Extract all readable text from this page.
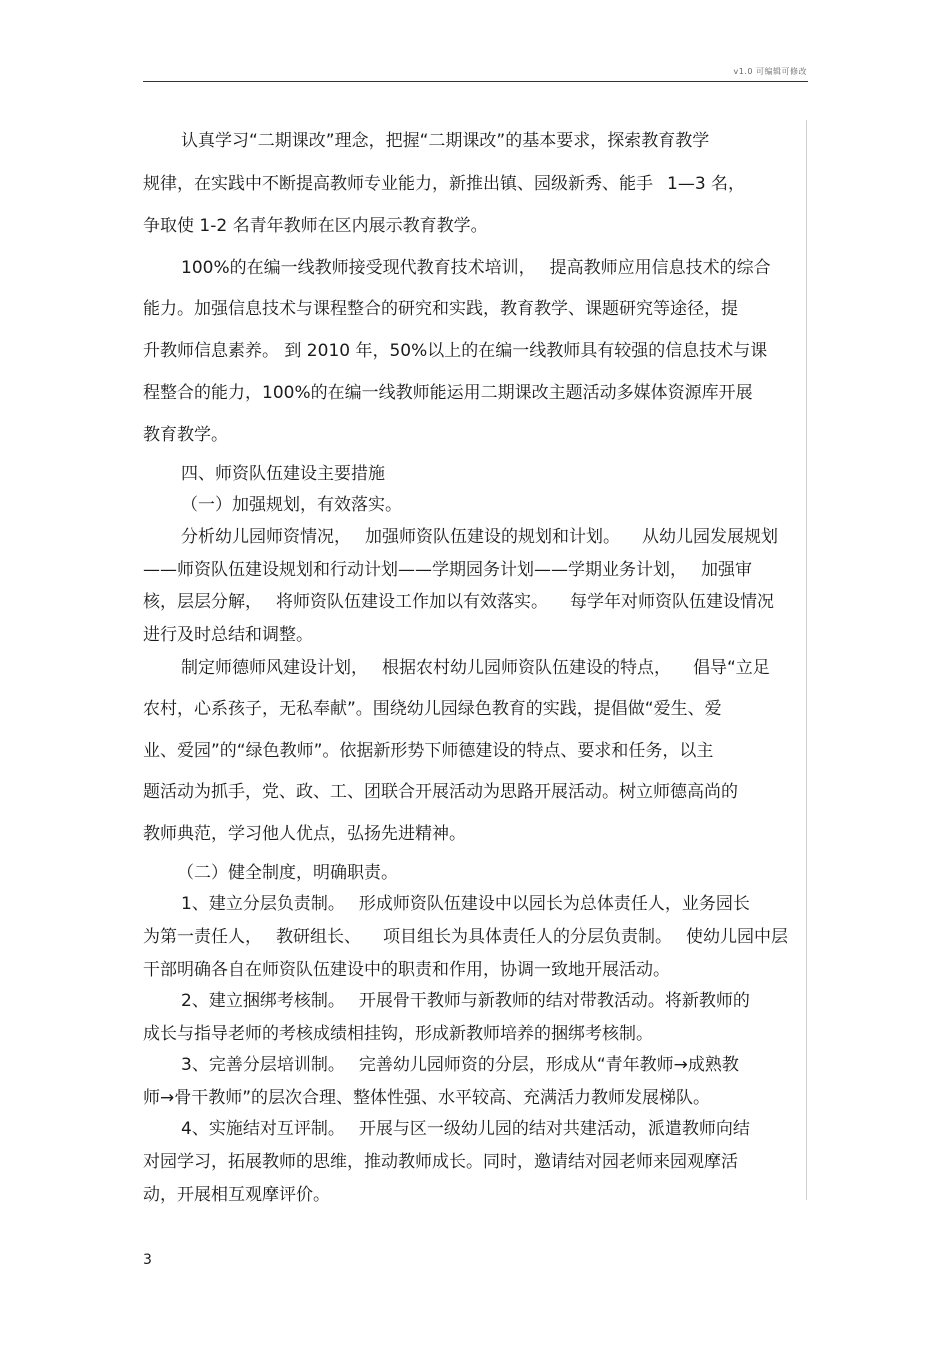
v1.0 可编辑可修改
认真学习“二期课改”理念，把握“二期课改”的基本要求，探索教育教学
规律，在实践中不断提高教师专业能力，新推出镇、园级新秀、能手 1—3 名，
争取使 1-2 名青年教师在区内展示教育教学。
100%的在编一线教师接受现代教育技术培训， 提高教师应用信息技术的综合
能力。加强信息技术与课程整合的研究和实践，教育教学、课题研究等途径，提
升教师信息素养。 到 2010 年，50%以上的在编一线教师具有较强的信息技术与课
程整合的能力，100%的在编一线教师能运用二期课改主题活动多媒体资源库开展
教育教学。
四、师资队伍建设主要措施
（一）加强规划，有效落实。
分析幼儿园师资情况， 加强师资队伍建设的规划和计划。 从幼儿园发展规划
——师资队伍建设规划和行动计划——学期园务计划——学期业务计划， 加强审
核，层层分解， 将师资队伍建设工作加以有效落实。 每学年对师资队伍建设情况
进行及时总结和调整。
制定师德师风建设计划， 根据农村幼儿园师资队伍建设的特点， 倡导“立足
农村，心系孩子，无私奉献”。围绕幼儿园绿色教育的实践，提倡做“爱生、爱
业、爱园”的“绿色教师”。依据新形势下师德建设的特点、要求和任务，以主
题活动为抓手，党、政、工、团联合开展活动为思路开展活动。树立师德高尚的
教师典范，学习他人优点，弘扬先进精神。
（二）健全制度，明确职责。
1、建立分层负责制。 形成师资队伍建设中以园长为总体责任人，业务园长
为第一责任人， 教研组长、 项目组长为具体责任人的分层负责制。 使幼儿园中层
干部明确各自在师资队伍建设中的职责和作用，协调一致地开展活动。
2、建立捆绑考核制。 开展骨干教师与新教师的结对带教活动。将新教师的
成长与指导老师的考核成绩相挂钩，形成新教师培养的捆绑考核制。
3、完善分层培训制。 完善幼儿园师资的分层，形成从“青年教师→成熟教
师→骨干教师”的层次合理、整体性强、水平较高、充满活力教师发展梯队。
4、实施结对互评制。 开展与区一级幼儿园的结对共建活动，派遣教师向结
对园学习，拓展教师的思维，推动教师成长。同时，邀请结对园老师来园观摩活
动，开展相互观摩评价。
3
